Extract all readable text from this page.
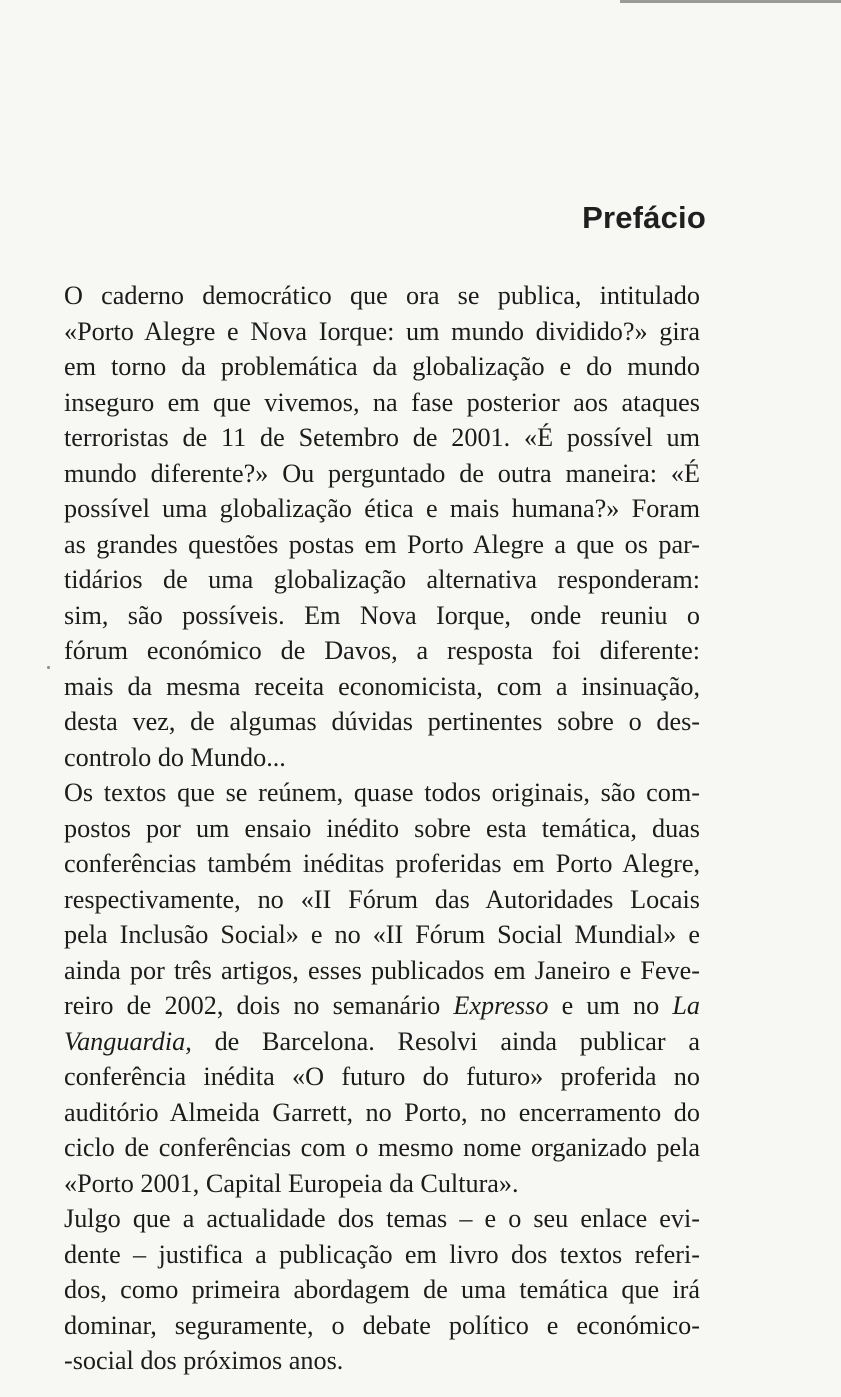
Prefácio
O caderno democrático que ora se publica, intitulado
«Porto Alegre e Nova Iorque: um mundo dividido?» gira
em torno da problemática da globalização e do mundo
inseguro em que vivemos, na fase posterior aos ataques
terroristas de 11 de Setembro de 2001. «É possível um
mundo diferente?» Ou perguntado de outra maneira: «É
possível uma globalização ética e mais humana?» Foram
as grandes questões postas em Porto Alegre a que os par-
tidários de uma globalização alternativa responderam:
sim, são possíveis. Em Nova Iorque, onde reuniu o
fórum económico de Davos, a resposta foi diferente:
mais da mesma receita economicista, com a insinuação,
desta vez, de algumas dúvidas pertinentes sobre o des-
controlo do Mundo...
Os textos que se reúnem, quase todos originais, são com-
postos por um ensaio inédito sobre esta temática, duas
conferências também inéditas proferidas em Porto Alegre,
respectivamente, no «II Fórum das Autoridades Locais
pela Inclusão Social» e no «II Fórum Social Mundial» e
ainda por três artigos, esses publicados em Janeiro e Feve-
reiro de 2002, dois no semanário Expresso e um no La
Vanguardia, de Barcelona. Resolvi ainda publicar a
conferência inédita «O futuro do futuro» proferida no
auditório Almeida Garrett, no Porto, no encerramento do
ciclo de conferências com o mesmo nome organizado pela
«Porto 2001, Capital Europeia da Cultura».
Julgo que a actualidade dos temas – e o seu enlace evi-
dente – justifica a publicação em livro dos textos referi-
dos, como primeira abordagem de uma temática que irá
dominar, seguramente, o debate político e económico-
-social dos próximos anos.
